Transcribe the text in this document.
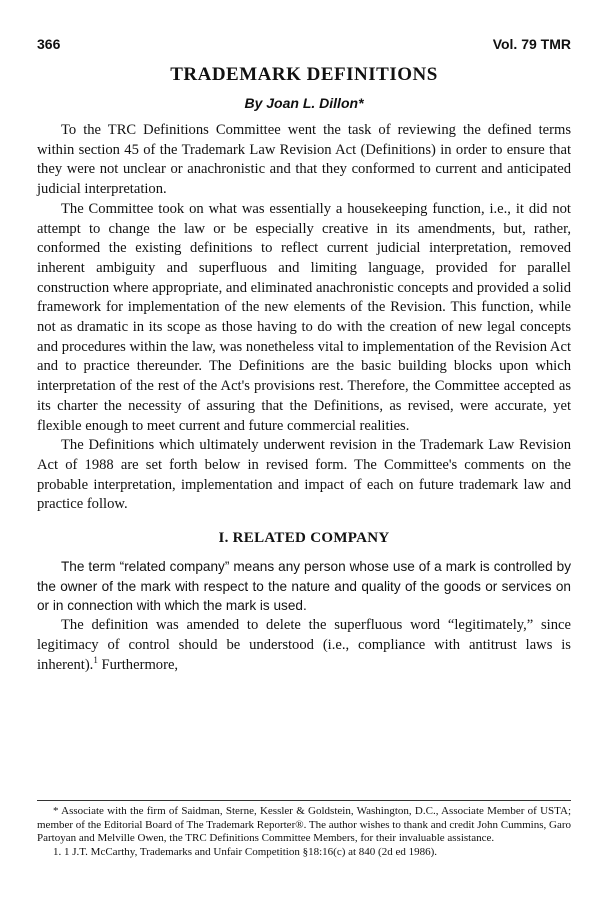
366	Vol. 79 TMR
TRADEMARK DEFINITIONS
By Joan L. Dillon*

To the TRC Definitions Committee went the task of reviewing the defined terms within section 45 of the Trademark Law Revision Act (Definitions) in order to ensure that they were not unclear or anachronistic and that they conformed to current and anticipated judicial interpretation.

The Committee took on what was essentially a housekeeping function, i.e., it did not attempt to change the law or be especially creative in its amendments, but, rather, conformed the existing definitions to reflect current judicial interpretation, removed inherent ambiguity and superfluous and limiting language, provided for parallel construction where appropriate, and eliminated anachronistic concepts and provided a solid framework for implementation of the new elements of the Revision. This function, while not as dramatic in its scope as those having to do with the creation of new legal concepts and procedures within the law, was nonetheless vital to implementation of the Revision Act and to practice thereunder. The Definitions are the basic building blocks upon which interpretation of the rest of the Act's provisions rest. Therefore, the Committee accepted as its charter the necessity of assuring that the Definitions, as revised, were accurate, yet flexible enough to meet current and future commercial realities.

The Definitions which ultimately underwent revision in the Trademark Law Revision Act of 1988 are set forth below in revised form. The Committee's comments on the probable interpretation, implementation and impact of each on future trademark law and practice follow.

I. RELATED COMPANY

The term “related company” means any person whose use of a mark is controlled by the owner of the mark with respect to the nature and quality of the goods or services on or in connection with which the mark is used.

The definition was amended to delete the superfluous word “legitimately,” since legitimacy of control should be understood (i.e., compliance with antitrust laws is inherent).$^1$ Furthermore,

* Associate with the firm of Saidman, Sterne, Kessler & Goldstein, Washington, D.C., Associate Member of USTA; member of the Editorial Board of The Trademark Reporter®. The author wishes to thank and credit John Cummins, Garo Partoyan and Melville Owen, the TRC Definitions Committee Members, for their invaluable assistance.

1. 1 J.T. McCarthy, Trademarks and Unfair Competition §18:16(c) at 840 (2d ed 1986).
